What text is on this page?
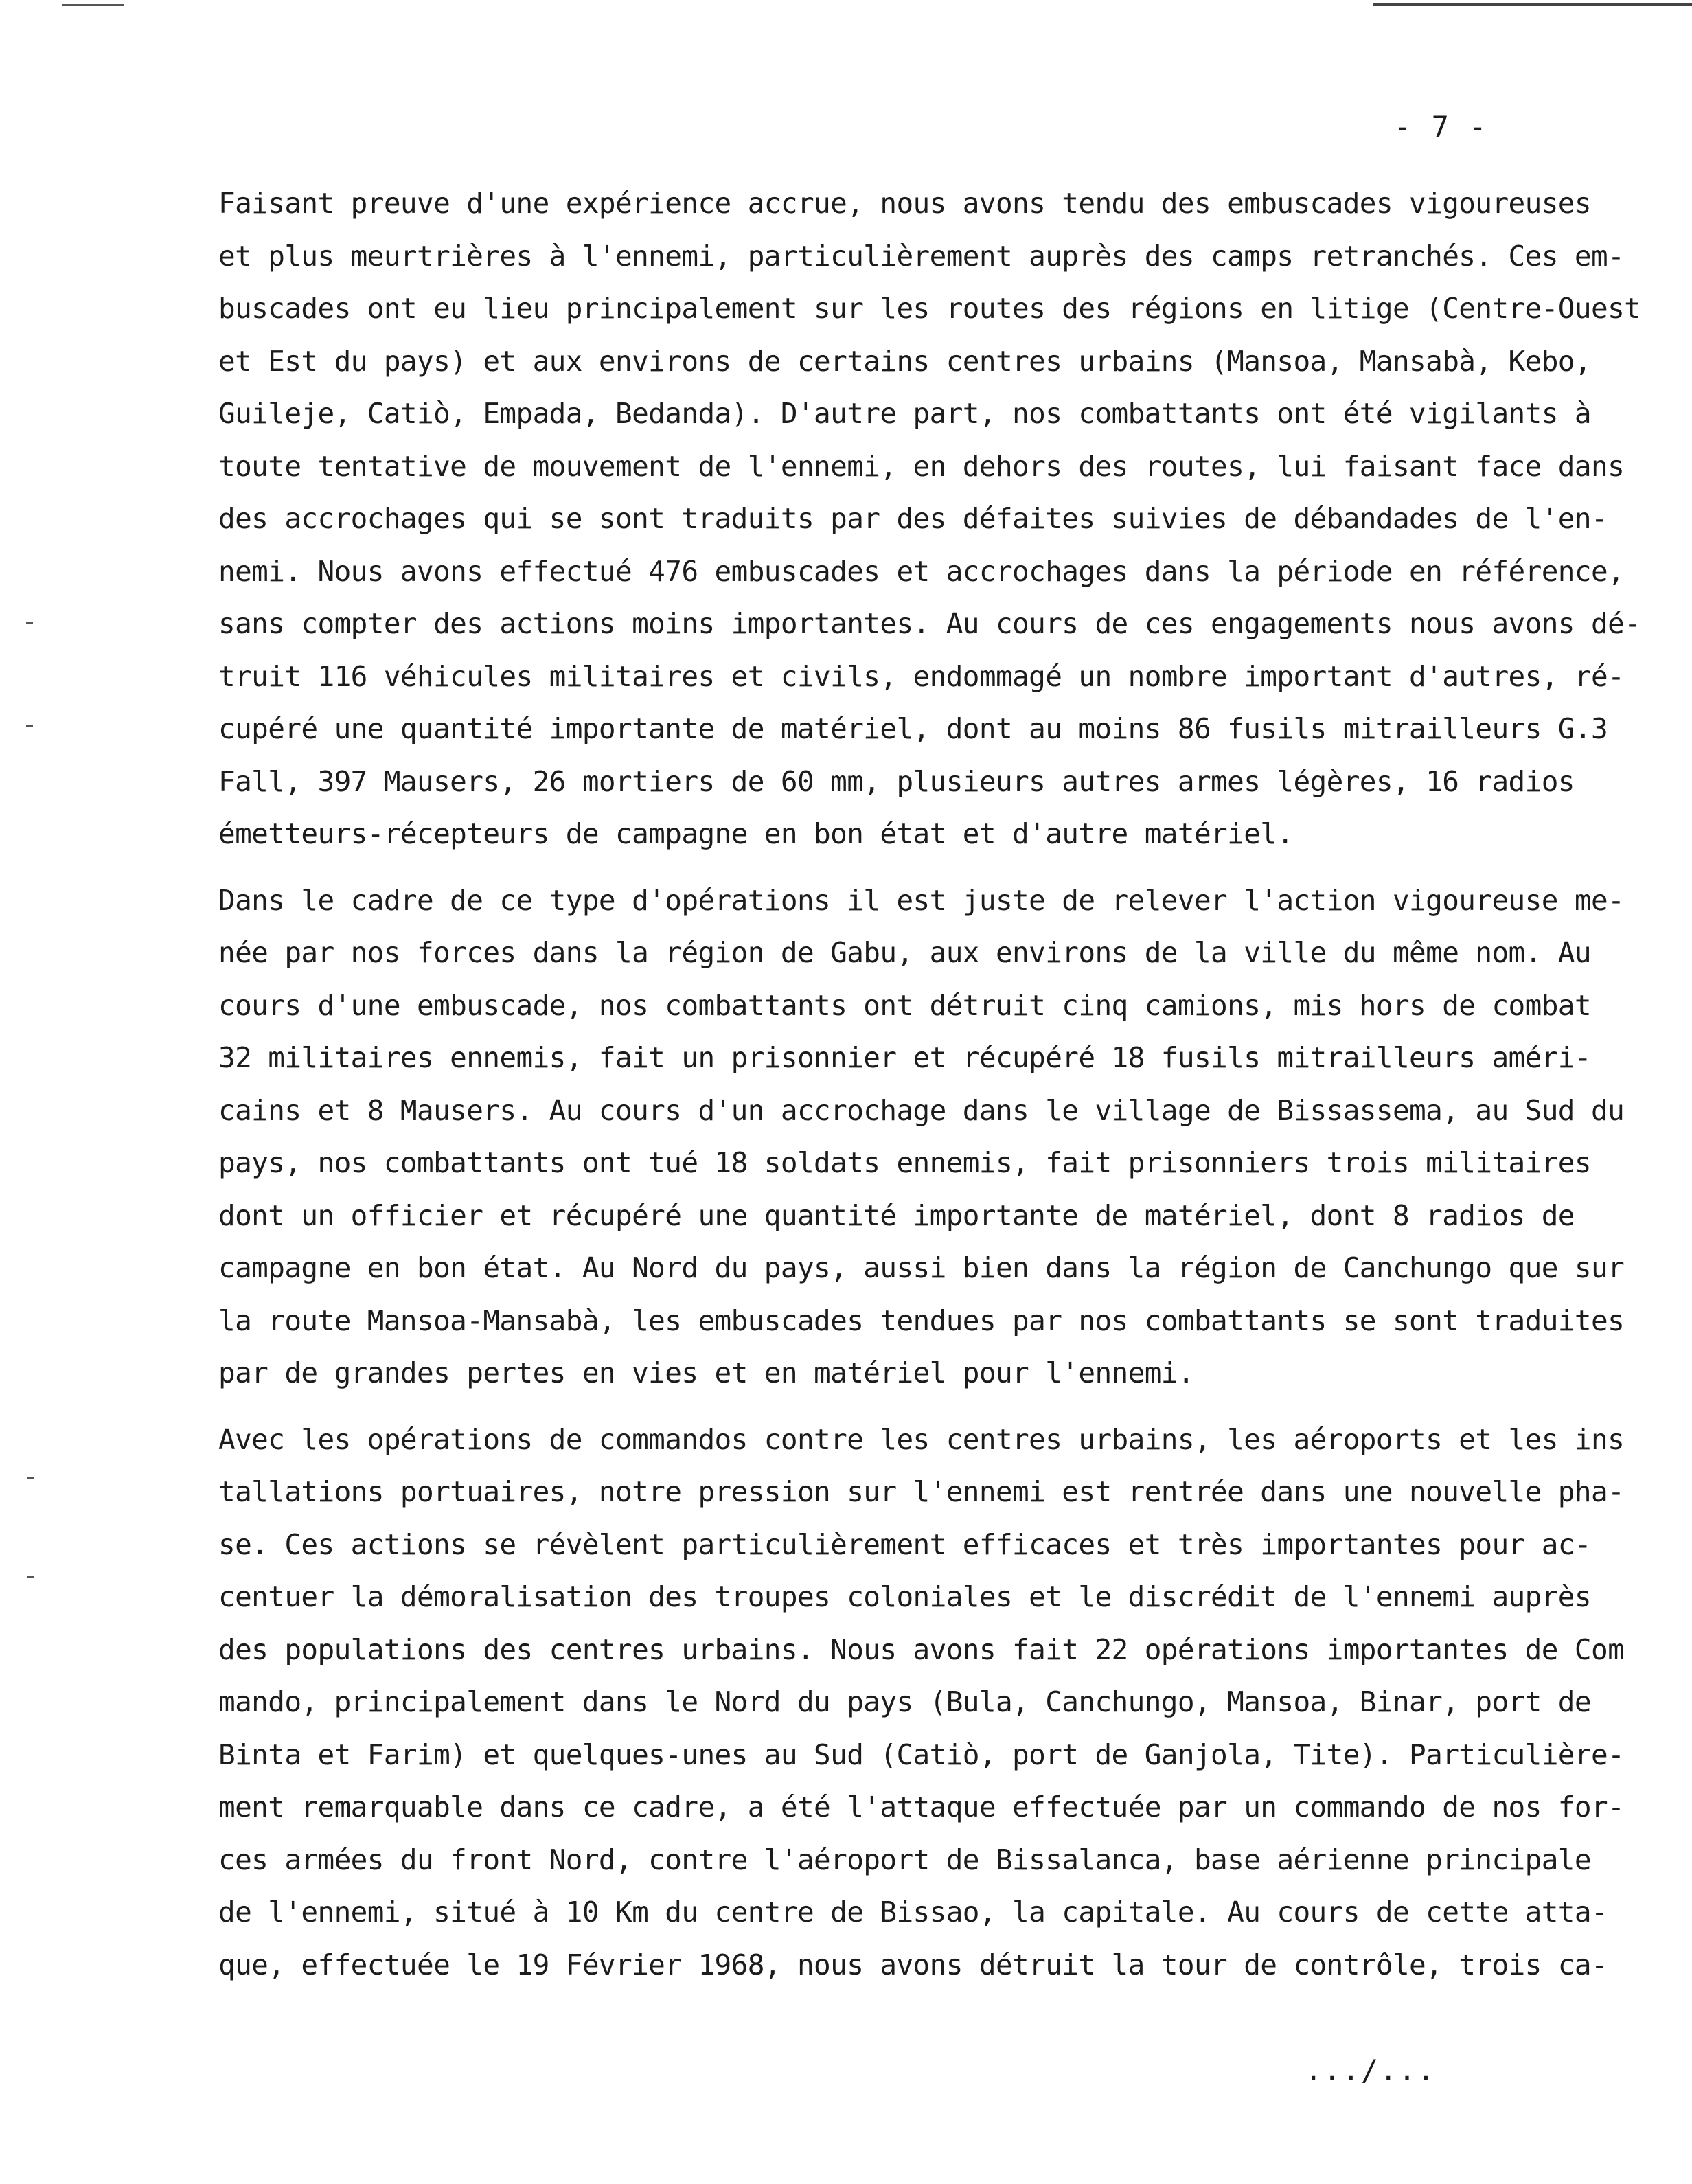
- 7 -
Faisant preuve d'une expérience accrue, nous avons tendu des embuscades vigoureuses
et plus meurtrières à l'ennemi, particulièrement auprès des camps retranchés. Ces em-
buscades ont eu lieu principalement sur les routes des régions en litige (Centre-Ouest
et Est du pays) et aux environs de certains centres urbains (Mansoa, Mansabà, Kebo,
Guileje, Catiò, Empada, Bedanda). D'autre part, nos combattants ont été vigilants à
toute tentative de mouvement de l'ennemi, en dehors des routes, lui faisant face dans
des accrochages qui se sont traduits par des défaites suivies de débandades de l'en-
nemi. Nous avons effectué 476 embuscades et accrochages dans la période en référence,
sans compter des actions moins importantes. Au cours de ces engagements nous avons dé-
truit 116 véhicules militaires et civils, endommagé un nombre important d'autres, ré-
cupéré une quantité importante de matériel, dont au moins 86 fusils mitrailleurs G.3
Fall, 397 Mausers, 26 mortiers de 60 mm, plusieurs autres armes légères, 16 radios
émetteurs-récepteurs de campagne en bon état et d'autre matériel.
Dans le cadre de ce type d'opérations il est juste de relever l'action vigoureuse me-
née par nos forces dans la région de Gabu, aux environs de la ville du même nom. Au
cours d'une embuscade, nos combattants ont détruit cinq camions, mis hors de combat
32 militaires ennemis, fait un prisonnier et récupéré 18 fusils mitrailleurs améri-
cains et 8 Mausers. Au cours d'un accrochage dans le village de Bissassema, au Sud du
pays, nos combattants ont tué 18 soldats ennemis, fait prisonniers trois militaires
dont un officier et récupéré une quantité importante de matériel, dont 8 radios de
campagne en bon état. Au Nord du pays, aussi bien dans la région de Canchungo que sur
la route Mansoa-Mansabà, les embuscades tendues par nos combattants se sont traduites
par de grandes pertes en vies et en matériel pour l'ennemi.
Avec les opérations de commandos contre les centres urbains, les aéroports et les ins
tallations portuaires, notre pression sur l'ennemi est rentrée dans une nouvelle pha-
se. Ces actions se révèlent particulièrement efficaces et très importantes pour ac-
centuer la démoralisation des troupes coloniales et le discrédit de l'ennemi auprès
des populations des centres urbains. Nous avons fait 22 opérations importantes de Com
mando, principalement dans le Nord du pays (Bula, Canchungo, Mansoa, Binar, port de
Binta et Farim) et quelques-unes au Sud (Catiò, port de Ganjola, Tite). Particulière-
ment remarquable dans ce cadre, a été l'attaque effectuée par un commando de nos for-
ces armées du front Nord, contre l'aéroport de Bissalanca, base aérienne principale
de l'ennemi, situé à 10 Km du centre de Bissao, la capitale. Au cours de cette atta-
que, effectuée le 19 Février 1968, nous avons détruit la tour de contrôle, trois ca-
.../...
